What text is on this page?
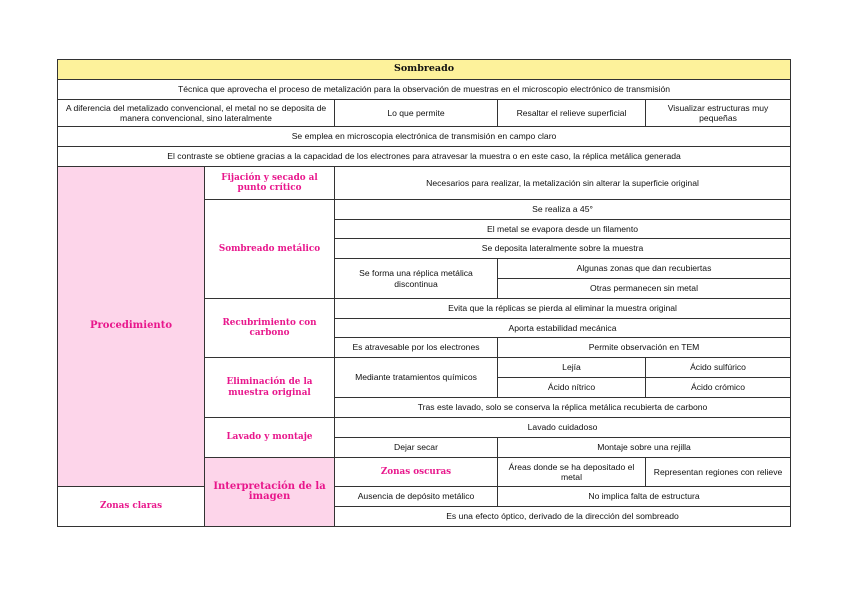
Sombreado				
Técnica que aprovecha el proceso de metalización para la observación de muestras en el microscopio electrónico de transmisión				
A diferencia del metalizado convencional, el metal no se deposita de manera convencional, sino lateralmente		Lo que permite	Resaltar el relieve superficial	Visualizar estructuras muy pequeñas
Se emplea en microscopia electrónica de transmisión en campo claro				
El contraste se obtiene gracias a la capacidad de los electrones para atravesar la muestra o en este caso, la réplica metálica generada				
Procedimiento	Fijación y secado al punto crítico	Necesarios para realizar, la metalización sin alterar la superficie original		
	Sombreado metálico	Se realiza a 45°		
		El metal se evapora desde un filamento		
		Se deposita lateralmente sobre la muestra		
		Se forma una réplica metálica discontinua	Algunas zonas que dan recubiertas	
			Otras permanecen sin metal	
	Recubrimiento con carbono	Evita que la réplicas se pierda al eliminar la muestra original		
		Aporta estabilidad mecánica		
		Es atravesable por los electrones	Permite observación en TEM	
	Eliminación de la muestra original	Mediante tratamientos químicos	Lejía	Ácido sulfúrico
			Ácido nítrico	Ácido crómico
		Tras este lavado, solo se conserva la réplica metálica recubierta de carbono		
	Lavado y montaje	Lavado cuidadoso		
		Dejar secar	Montaje sobre una rejilla	
	Interpretación de la imagen	Zonas oscuras	Áreas donde se ha depositado el metal	Representan regiones con relieve
Zonas claras		Ausencia de depósito metálico	No implica falta de estructura	
		Es una efecto óptico, derivado de la dirección del sombreado		
